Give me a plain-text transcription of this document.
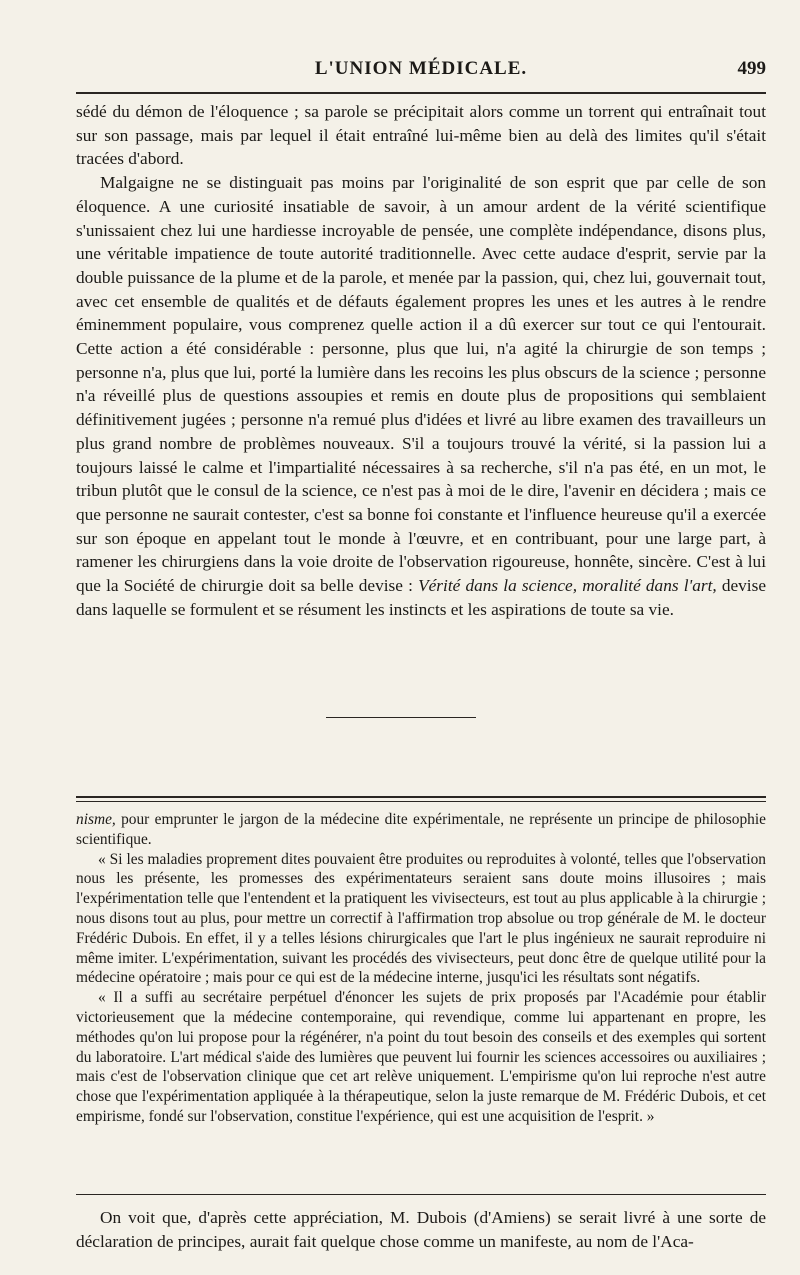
L'UNION MÉDICALE.	499

sédé du démon de l'éloquence ; sa parole se précipitait alors comme un torrent qui entraînait tout sur son passage, mais par lequel il était entraîné lui-même bien au delà des limites qu'il s'était tracées d'abord.

Malgaigne ne se distinguait pas moins par l'originalité de son esprit que par celle de son éloquence. A une curiosité insatiable de savoir, à un amour ardent de la vérité scientifique s'unissaient chez lui une hardiesse incroyable de pensée, une complète indépendance, disons plus, une véritable impatience de toute autorité traditionnelle. Avec cette audace d'esprit, servie par la double puissance de la plume et de la parole, et menée par la passion, qui, chez lui, gouvernait tout, avec cet ensemble de qualités et de défauts également propres les unes et les autres à le rendre éminemment populaire, vous comprenez quelle action il a dû exercer sur tout ce qui l'entourait. Cette action a été considérable : personne, plus que lui, n'a agité la chirurgie de son temps ; personne n'a, plus que lui, porté la lumière dans les recoins les plus obscurs de la science ; personne n'a réveillé plus de questions assoupies et remis en doute plus de propositions qui semblaient définitivement jugées ; personne n'a remué plus d'idées et livré au libre examen des travailleurs un plus grand nombre de problèmes nouveaux. S'il a toujours trouvé la vérité, si la passion lui a toujours laissé le calme et l'impartialité nécessaires à sa recherche, s'il n'a pas été, en un mot, le tribun plutôt que le consul de la science, ce n'est pas à moi de le dire, l'avenir en décidera ; mais ce que personne ne saurait contester, c'est sa bonne foi constante et l'influence heureuse qu'il a exercée sur son époque en appelant tout le monde à l'œuvre, et en contribuant, pour une large part, à ramener les chirurgiens dans la voie droite de l'observation rigoureuse, honnête, sincère. C'est à lui que la Société de chirurgie doit sa belle devise : Vérité dans la science, moralité dans l'art, devise dans laquelle se formulent et se résument les instincts et les aspirations de toute sa vie.

nisme, pour emprunter le jargon de la médecine dite expérimentale, ne représente un principe de philosophie scientifique.

« Si les maladies proprement dites pouvaient être produites ou reproduites à volonté, telles que l'observation nous les présente, les promesses des expérimentateurs seraient sans doute moins illusoires ; mais l'expérimentation telle que l'entendent et la pratiquent les vivisecteurs, est tout au plus applicable à la chirurgie ; nous disons tout au plus, pour mettre un correctif à l'affirmation trop absolue ou trop générale de M. le docteur Frédéric Dubois. En effet, il y a telles lésions chirurgicales que l'art le plus ingénieux ne saurait reproduire ni même imiter. L'expérimentation, suivant les procédés des vivisecteurs, peut donc être de quelque utilité pour la médecine opératoire ; mais pour ce qui est de la médecine interne, jusqu'ici les résultats sont négatifs.

« Il a suffi au secrétaire perpétuel d'énoncer les sujets de prix proposés par l'Académie pour établir victorieusement que la médecine contemporaine, qui revendique, comme lui appartenant en propre, les méthodes qu'on lui propose pour la régénérer, n'a point du tout besoin des conseils et des exemples qui sortent du laboratoire. L'art médical s'aide des lumières que peuvent lui fournir les sciences accessoires ou auxiliaires ; mais c'est de l'observation clinique que cet art relève uniquement. L'empirisme qu'on lui reproche n'est autre chose que l'expérimentation appliquée à la thérapeutique, selon la juste remarque de M. Frédéric Dubois, et cet empirisme, fondé sur l'observation, constitue l'expérience, qui est une acquisition de l'esprit. »

On voit que, d'après cette appréciation, M. Dubois (d'Amiens) se serait livré à une sorte de déclaration de principes, aurait fait quelque chose comme un manifeste, au nom de l'Aca-
